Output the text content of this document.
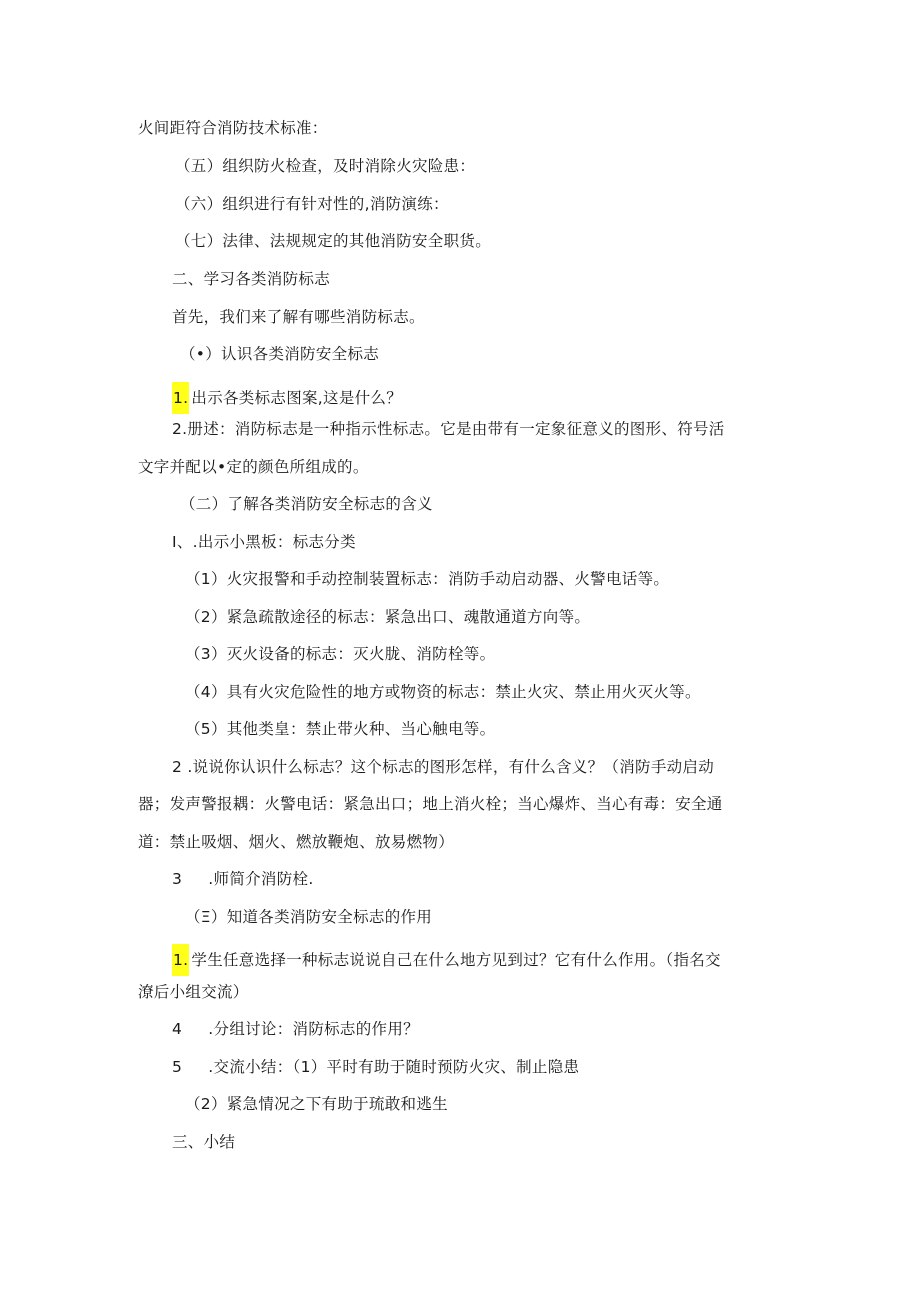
火间距符合消防技术标准：
（五）组织防火检查，及时消除火灾险患：
（六）组织进行有针对性的,消防演练：
（七）法律、法规规定的其他消防安全职货。
二、学习各类消防标志
首先，我们来了解有哪些消防标志。
（•）认识各类消防安全标志
1. 出示各类标志图案,这是什么？
2.册述：消防标志是一种指示性标志。它是由带有一定象征意义的图形、符号活
文字并配以•定的颜色所组成的。
（二）了解各类消防安全标志的含义
I、.出示小黑板：标志分类
（1）火灾报警和手动控制装置标志：消防手动启动器、火警电话等。
（2）紧急疏散途径的标志：紧急出口、魂散通道方向等。
（3）灭火设备的标志：灭火胧、消防栓等。
（4）具有火灾危险性的地方或物资的标志：禁止火灾、禁止用火灭火等。
（5）其他类皇：禁止带火种、当心触电等。
2 .说说你认识什么标志？这个标志的图形怎样，有什么含义？（消防手动启动
器；发声警报耦：火警电话：紧急出口；地上消火栓；当心爆炸、当心有毒：安全通
道：禁止吸烟、烟火、燃放鞭炮、放易燃物）
3     .师简介消防栓.
（Ξ）知道各类消防安全标志的作用
1. 学生任意选择一种标志说说自己在什么地方见到过？它有什么作用。（指名交
潦后小组交流）
4     .分组讨论：消防标志的作用？
5     .交流小结：（1）平时有助于随时预防火灾、制止隐患
（2）紧急情况之下有助于琉敢和逃生
三、小结
